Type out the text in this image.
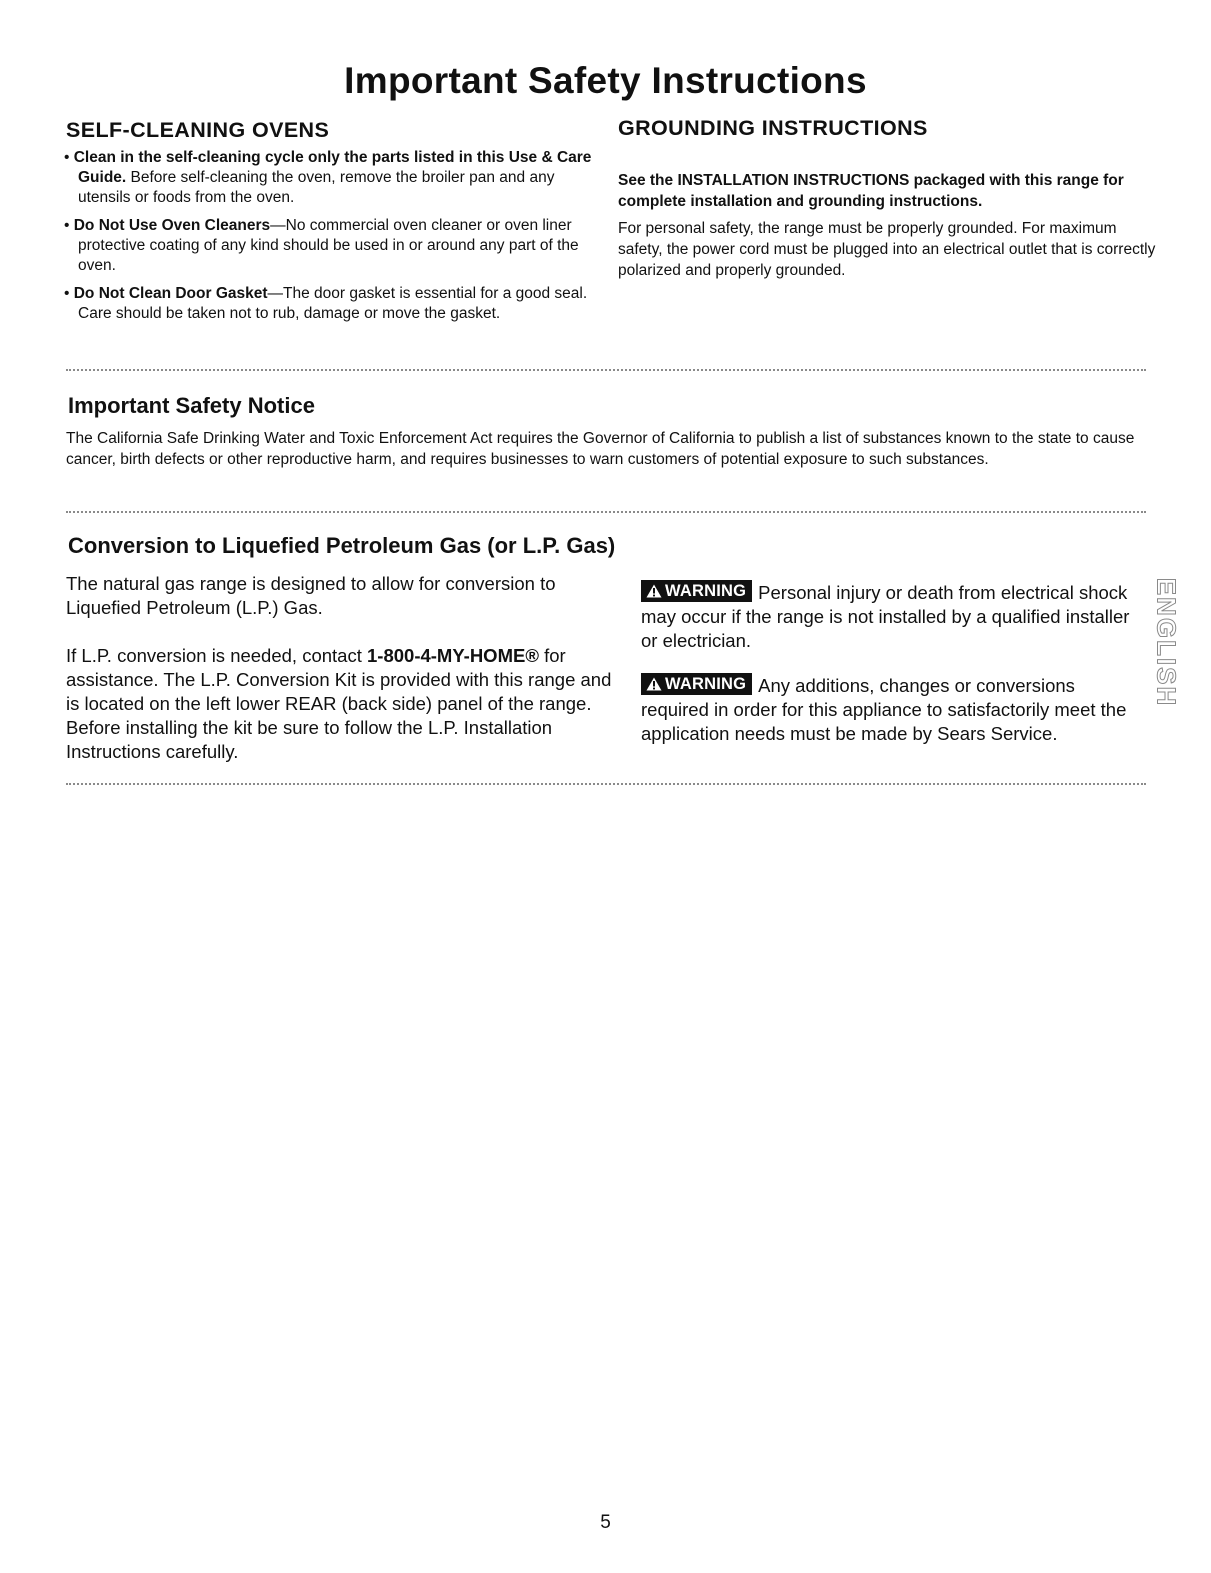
Important Safety Instructions
SELF-CLEANING OVENS	GROUNDING INSTRUCTIONS
• Clean in the self-cleaning cycle only the parts listed in this Use & Care Guide. Before self-cleaning the oven, remove the broiler pan and any utensils or foods from the oven.
• Do Not Use Oven Cleaners—No commercial oven cleaner or oven liner protective coating of any kind should be used in or around any part of the oven.
• Do Not Clean Door Gasket—The door gasket is essential for a good seal. Care should be taken not to rub, damage or move the gasket.

See the INSTALLATION INSTRUCTIONS packaged with this range for complete installation and grounding instructions.

For personal safety, the range must be properly grounded. For maximum safety, the power cord must be plugged into an electrical outlet that is correctly polarized and properly grounded.

Important Safety Notice

The California Safe Drinking Water and Toxic Enforcement Act requires the Governor of California to publish a list of substances known to the state to cause cancer, birth defects or other reproductive harm, and requires businesses to warn customers of potential exposure to such substances.

Conversion to Liquefied Petroleum Gas (or L.P. Gas)

The natural gas range is designed to allow for conversion to Liquefied Petroleum (L.P.) Gas.

If L.P. conversion is needed, contact 1-800-4-MY-HOME® for assistance. The L.P. Conversion Kit is provided with this range and is located on the left lower REAR (back side) panel of the range. Before installing the kit be sure to follow the L.P. Installation Instructions carefully.

WARNING Personal injury or death from electrical shock may occur if the range is not installed by a qualified installer or electrician.

WARNING Any additions, changes or conversions required in order for this appliance to satisfactorily meet the application needs must be made by Sears Service.

ENGLISH

5
